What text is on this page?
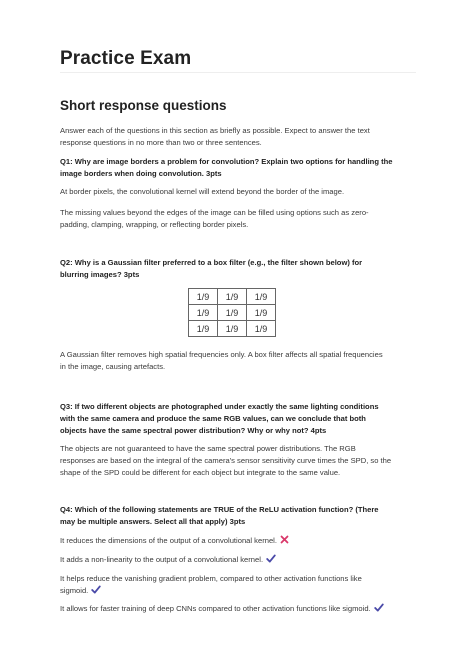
Practice Exam
Short response questions
Answer each of the questions in this section as briefly as possible. Expect to answer the text
response questions in no more than two or three sentences.
Q1: Why are image borders a problem for convolution? Explain two options for handling the
image borders when doing convolution. 3pts
At border pixels, the convolutional kernel will extend beyond the border of the image.
The missing values beyond the edges of the image can be filled using options such as zero-
padding, clamping, wrapping, or reflecting border pixels.
Q2: Why is a Gaussian filter preferred to a box filter (e.g., the filter shown below) for
blurring images? 3pts
1/9	1/9	1/9
1/9	1/9	1/9
1/9	1/9	1/9
A Gaussian filter removes high spatial frequencies only. A box filter affects all spatial frequencies
in the image, causing artefacts.
Q3: If two different objects are photographed under exactly the same lighting conditions
with the same camera and produce the same RGB values, can we conclude that both
objects have the same spectral power distribution? Why or why not? 4pts
The objects are not guaranteed to have the same spectral power distributions. The RGB
responses are based on the integral of the camera's sensor sensitivity curve times the SPD, so the
shape of the SPD could be different for each object but integrate to the same value.
Q4: Which of the following statements are TRUE of the ReLU activation function? (There
may be multiple answers. Select all that apply) 3pts
It reduces the dimensions of the output of a convolutional kernel.
It adds a non-linearity to the output of a convolutional kernel.
It helps reduce the vanishing gradient problem, compared to other activation functions like
sigmoid.
It allows for faster training of deep CNNs compared to other activation functions like sigmoid.
